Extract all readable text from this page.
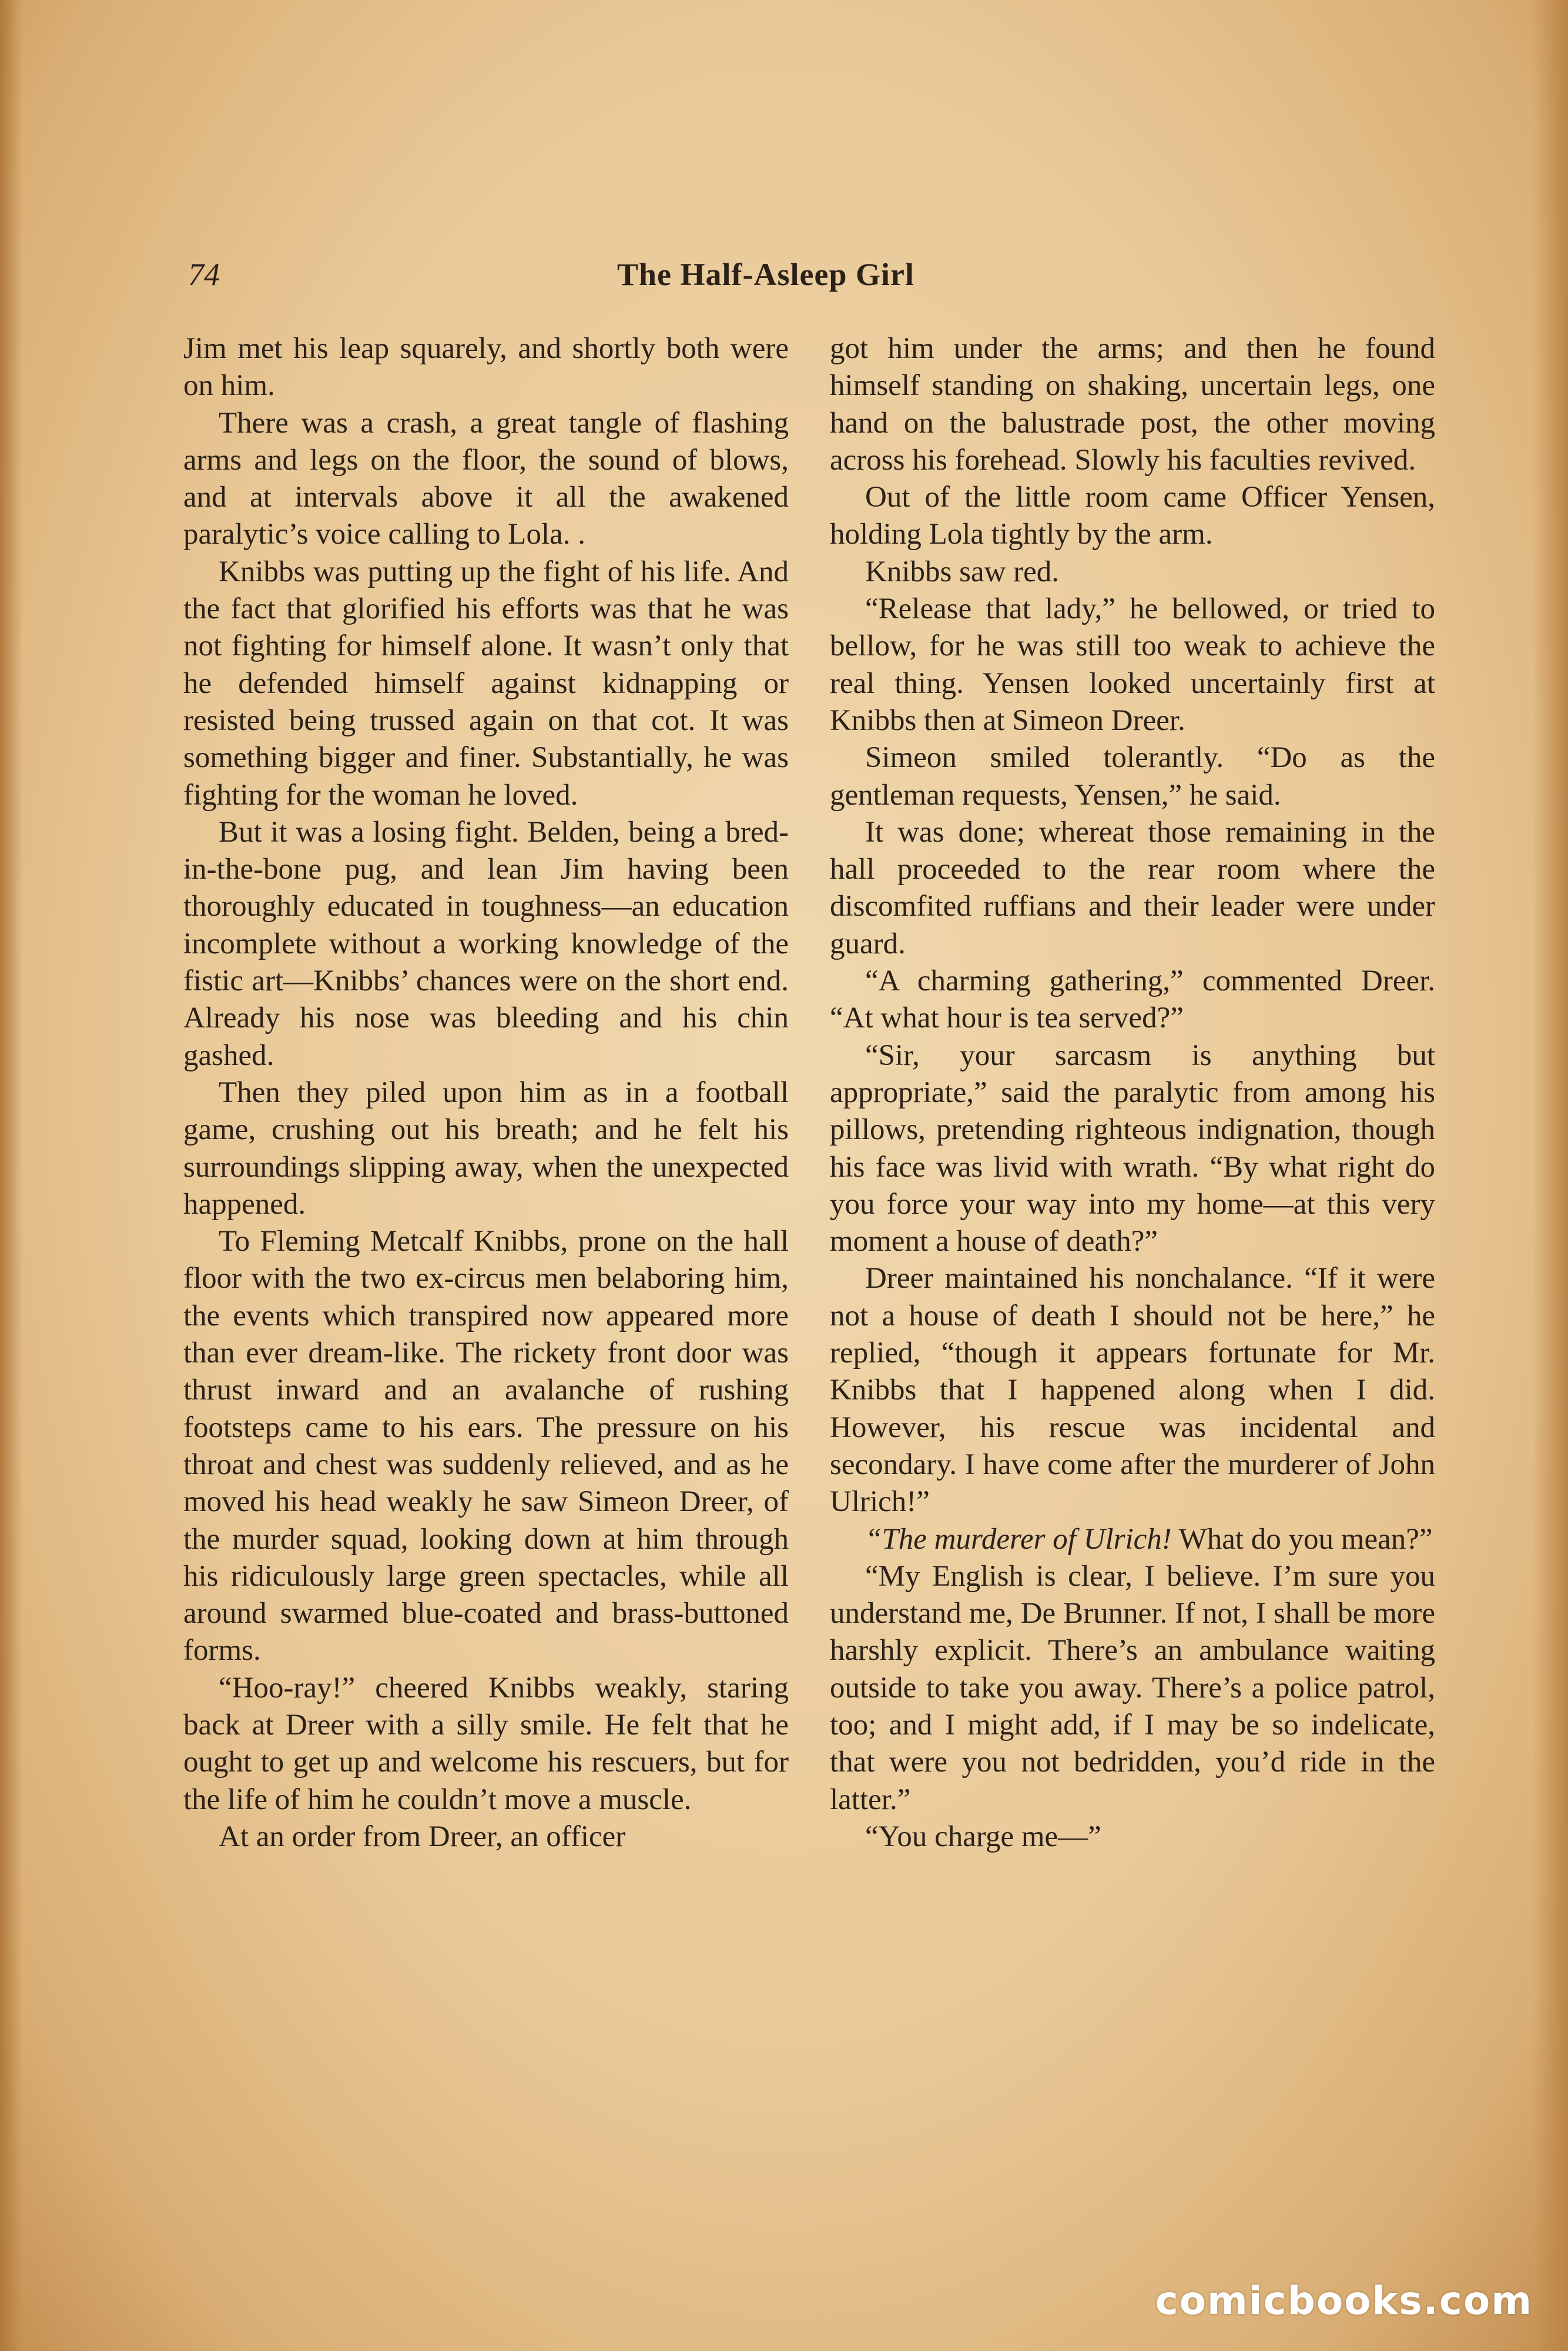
74	The Half-Asleep Girl

Jim met his leap squarely, and shortly both were on him.

There was a crash, a great tangle of flashing arms and legs on the floor, the sound of blows, and at intervals above it all the awakened paralytic’s voice calling to Lola. .

Knibbs was putting up the fight of his life. And the fact that glorified his efforts was that he was not fighting for himself alone. It wasn’t only that he defended himself against kidnapping or resisted being trussed again on that cot. It was something bigger and finer. Substantially, he was fighting for the woman he loved.

But it was a losing fight. Belden, being a bred-in-the-bone pug, and lean Jim having been thoroughly educated in toughness—an education incomplete without a working knowledge of the fistic art—Knibbs’ chances were on the short end. Already his nose was bleeding and his chin gashed.

Then they piled upon him as in a football game, crushing out his breath; and he felt his surroundings slipping away, when the unexpected happened.

To Fleming Metcalf Knibbs, prone on the hall floor with the two ex-circus men belaboring him, the events which transpired now appeared more than ever dream-like. The rickety front door was thrust inward and an avalanche of rushing footsteps came to his ears. The pressure on his throat and chest was suddenly relieved, and as he moved his head weakly he saw Simeon Dreer, of the murder squad, looking down at him through his ridiculously large green spectacles, while all around swarmed blue-coated and brass-buttoned forms.

“Hoo-ray!” cheered Knibbs weakly, staring back at Dreer with a silly smile. He felt that he ought to get up and welcome his rescuers, but for the life of him he couldn’t move a muscle.

At an order from Dreer, an officer

got him under the arms; and then he found himself standing on shaking, uncertain legs, one hand on the balustrade post, the other moving across his forehead. Slowly his faculties revived.

Out of the little room came Officer Yensen, holding Lola tightly by the arm.

Knibbs saw red.

“Release that lady,” he bellowed, or tried to bellow, for he was still too weak to achieve the real thing. Yensen looked uncertainly first at Knibbs then at Simeon Dreer.

Simeon smiled tolerantly. “Do as the gentleman requests, Yensen,” he said.

It was done; whereat those remaining in the hall proceeded to the rear room where the discomfited ruffians and their leader were under guard.

“A charming gathering,” commented Dreer. “At what hour is tea served?”

“Sir, your sarcasm is anything but appropriate,” said the paralytic from among his pillows, pretending righteous indignation, though his face was livid with wrath. “By what right do you force your way into my home—at this very moment a house of death?”

Dreer maintained his nonchalance. “If it were not a house of death I should not be here,” he replied, “though it appears fortunate for Mr. Knibbs that I happened along when I did. However, his rescue was incidental and secondary. I have come after the murderer of John Ulrich!”

“The murderer of Ulrich! What do you mean?”

“My English is clear, I believe. I’m sure you understand me, De Brunner. If not, I shall be more harshly explicit. There’s an ambulance waiting outside to take you away. There’s a police patrol, too; and I might add, if I may be so indelicate, that were you not bedridden, you’d ride in the latter.”

“You charge me—”

comicbooks.com
